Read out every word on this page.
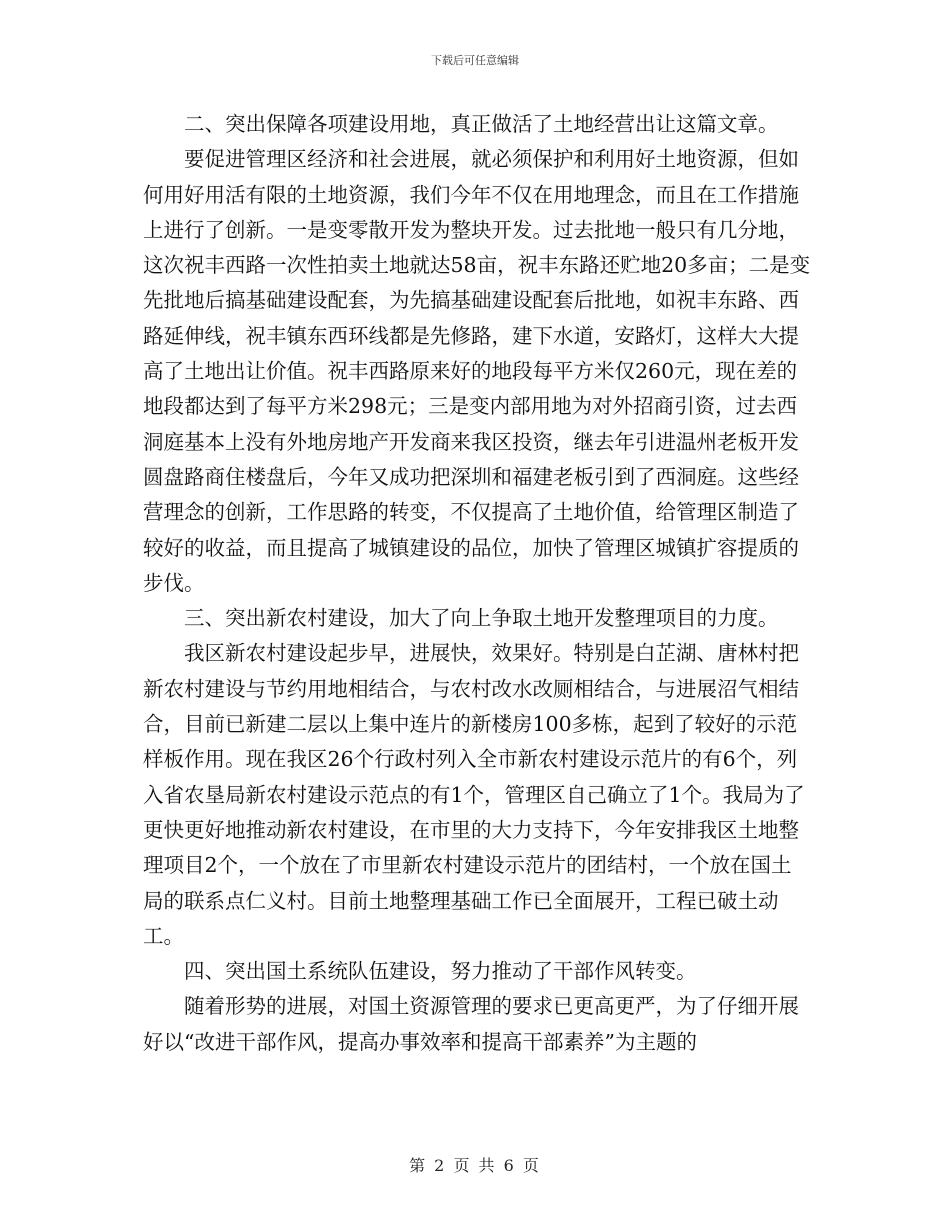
下载后可任意编辑

二、突出保障各项建设用地，真正做活了土地经营出让这篇文章。

要促进管理区经济和社会进展，就必须保护和利用好土地资源，但如何用好用活有限的土地资源，我们今年不仅在用地理念，而且在工作措施上进行了创新。一是变零散开发为整块开发。过去批地一般只有几分地，这次祝丰西路一次性拍卖土地就达58亩，祝丰东路还贮地20多亩；二是变先批地后搞基础建设配套，为先搞基础建设配套后批地，如祝丰东路、西路延伸线，祝丰镇东西环线都是先修路，建下水道，安路灯，这样大大提高了土地出让价值。祝丰西路原来好的地段每平方米仅260元，现在差的地段都达到了每平方米298元；三是变内部用地为对外招商引资，过去西洞庭基本上没有外地房地产开发商来我区投资，继去年引进温州老板开发圆盘路商住楼盘后，今年又成功把深圳和福建老板引到了西洞庭。这些经营理念的创新，工作思路的转变，不仅提高了土地价值，给管理区制造了较好的收益，而且提高了城镇建设的品位，加快了管理区城镇扩容提质的步伐。

三、突出新农村建设，加大了向上争取土地开发整理项目的力度。

我区新农村建设起步早，进展快，效果好。特别是白芷湖、唐林村把新农村建设与节约用地相结合，与农村改水改厕相结合，与进展沼气相结合，目前已新建二层以上集中连片的新楼房100多栋，起到了较好的示范样板作用。现在我区26个行政村列入全市新农村建设示范片的有6个，列入省农垦局新农村建设示范点的有1个，管理区自己确立了1个。我局为了更快更好地推动新农村建设，在市里的大力支持下，今年安排我区土地整理项目2个，一个放在了市里新农村建设示范片的团结村，一个放在国土局的联系点仁义村。目前土地整理基础工作已全面展开，工程已破土动工。

四、突出国土系统队伍建设，努力推动了干部作风转变。

随着形势的进展，对国土资源管理的要求已更高更严，为了仔细开展好以“改进干部作风，提高办事效率和提高干部素养”为主题的

第 2 页 共 6 页
